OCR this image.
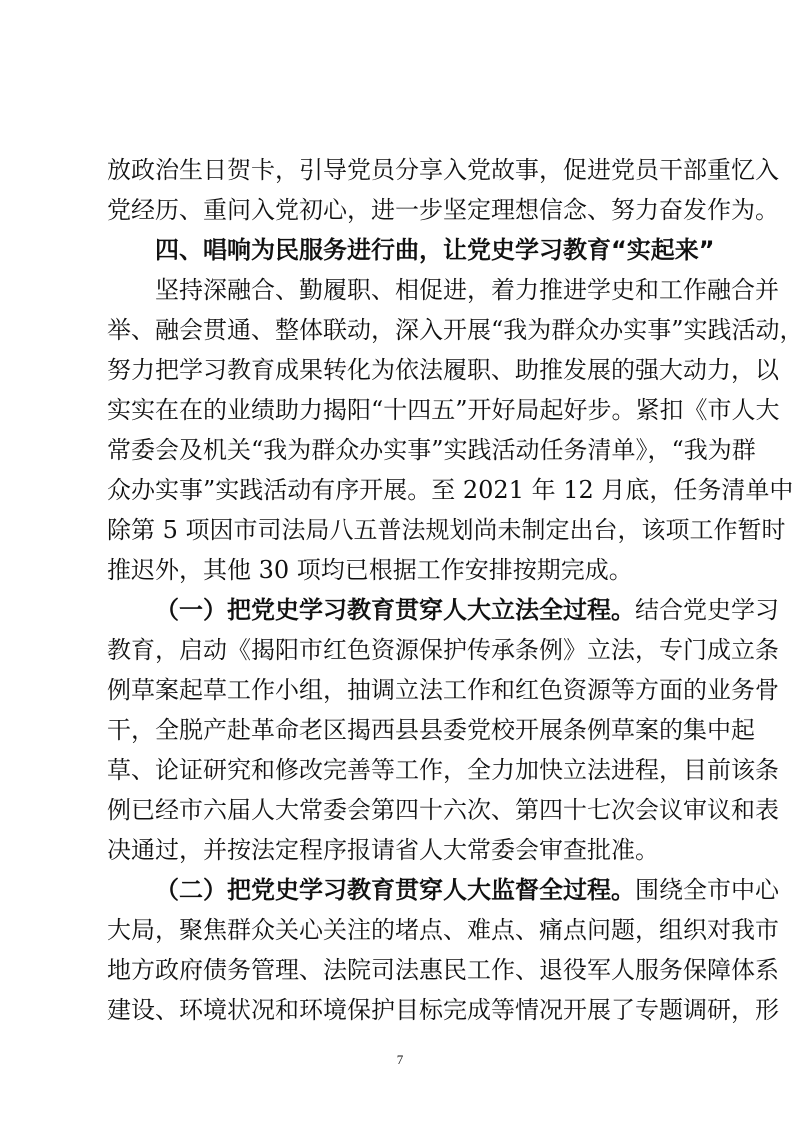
放政治生日贺卡，引导党员分享入党故事，促进党员干部重忆入
党经历、重问入党初心，进一步坚定理想信念、努力奋发作为。
四、唱响为民服务进行曲，让党史学习教育“实起来”
坚持深融合、勤履职、相促进，着力推进学史和工作融合并
举、融会贯通、整体联动，深入开展“我为群众办实事”实践活动，
努力把学习教育成果转化为依法履职、助推发展的强大动力，以
实实在在的业绩助力揭阳“十四五”开好局起好步。紧扣《市人大
常委会及机关“我为群众办实事”实践活动任务清单》，“我为群
众办实事”实践活动有序开展。至 2021 年 12 月底，任务清单中
除第 5 项因市司法局八五普法规划尚未制定出台，该项工作暂时
推迟外，其他 30 项均已根据工作安排按期完成。
（一）把党史学习教育贯穿人大立法全过程。结合党史学习
教育，启动《揭阳市红色资源保护传承条例》立法，专门成立条
例草案起草工作小组，抽调立法工作和红色资源等方面的业务骨
干，全脱产赴革命老区揭西县县委党校开展条例草案的集中起
草、论证研究和修改完善等工作，全力加快立法进程，目前该条
例已经市六届人大常委会第四十六次、第四十七次会议审议和表
决通过，并按法定程序报请省人大常委会审查批准。
（二）把党史学习教育贯穿人大监督全过程。围绕全市中心
大局，聚焦群众关心关注的堵点、难点、痛点问题，组织对我市
地方政府债务管理、法院司法惠民工作、退役军人服务保障体系
建设、环境状况和环境保护目标完成等情况开展了专题调研，形
7
